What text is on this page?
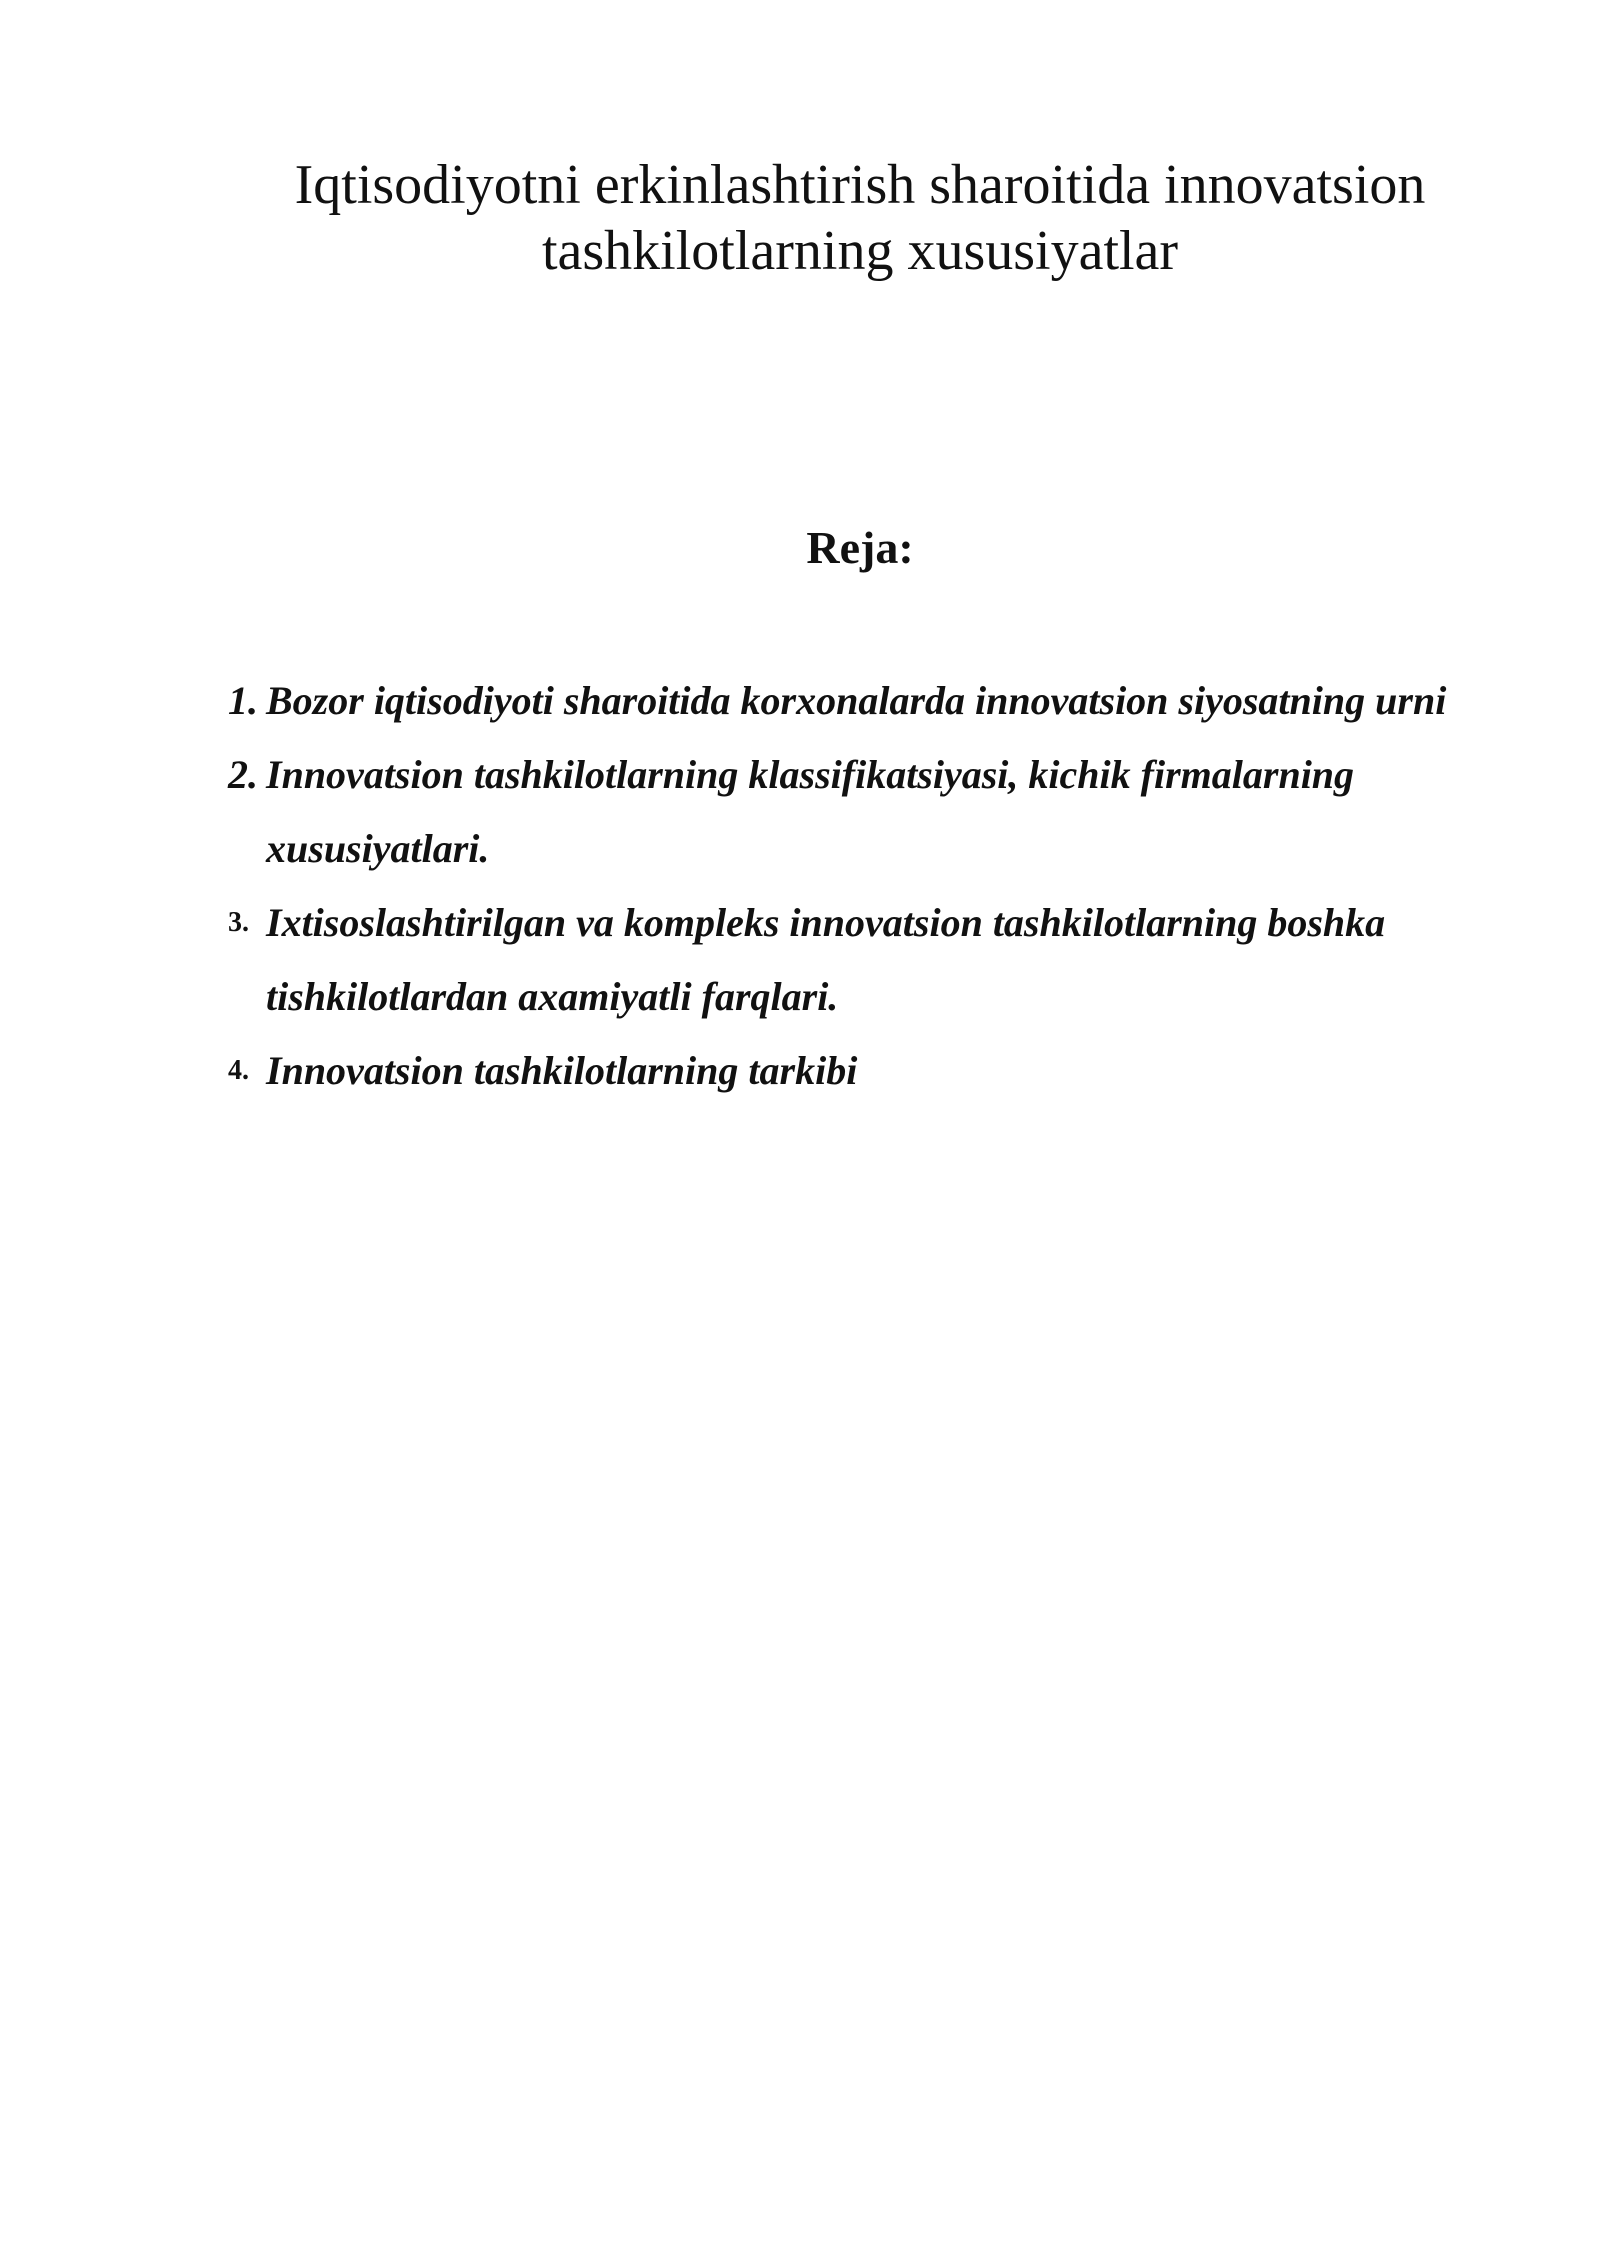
Iqtisodiyotni erkinlashtirish sharoitida innovatsion tashkilotlarning xususiyatlar
Reja:
1. Bozor iqtisodiyoti sharoitida korxonalarda innovatsion siyosatning urni
2. Innovatsion tashkilotlarning klassifikatsiyasi, kichik firmalarning xususiyatlari.
3. Ixtisoslashtirilgan va kompleks innovatsion tashkilotlarning boshka tishkilotlardan axamiyatli farqlari.
4. Innovatsion tashkilotlarning tarkibi
